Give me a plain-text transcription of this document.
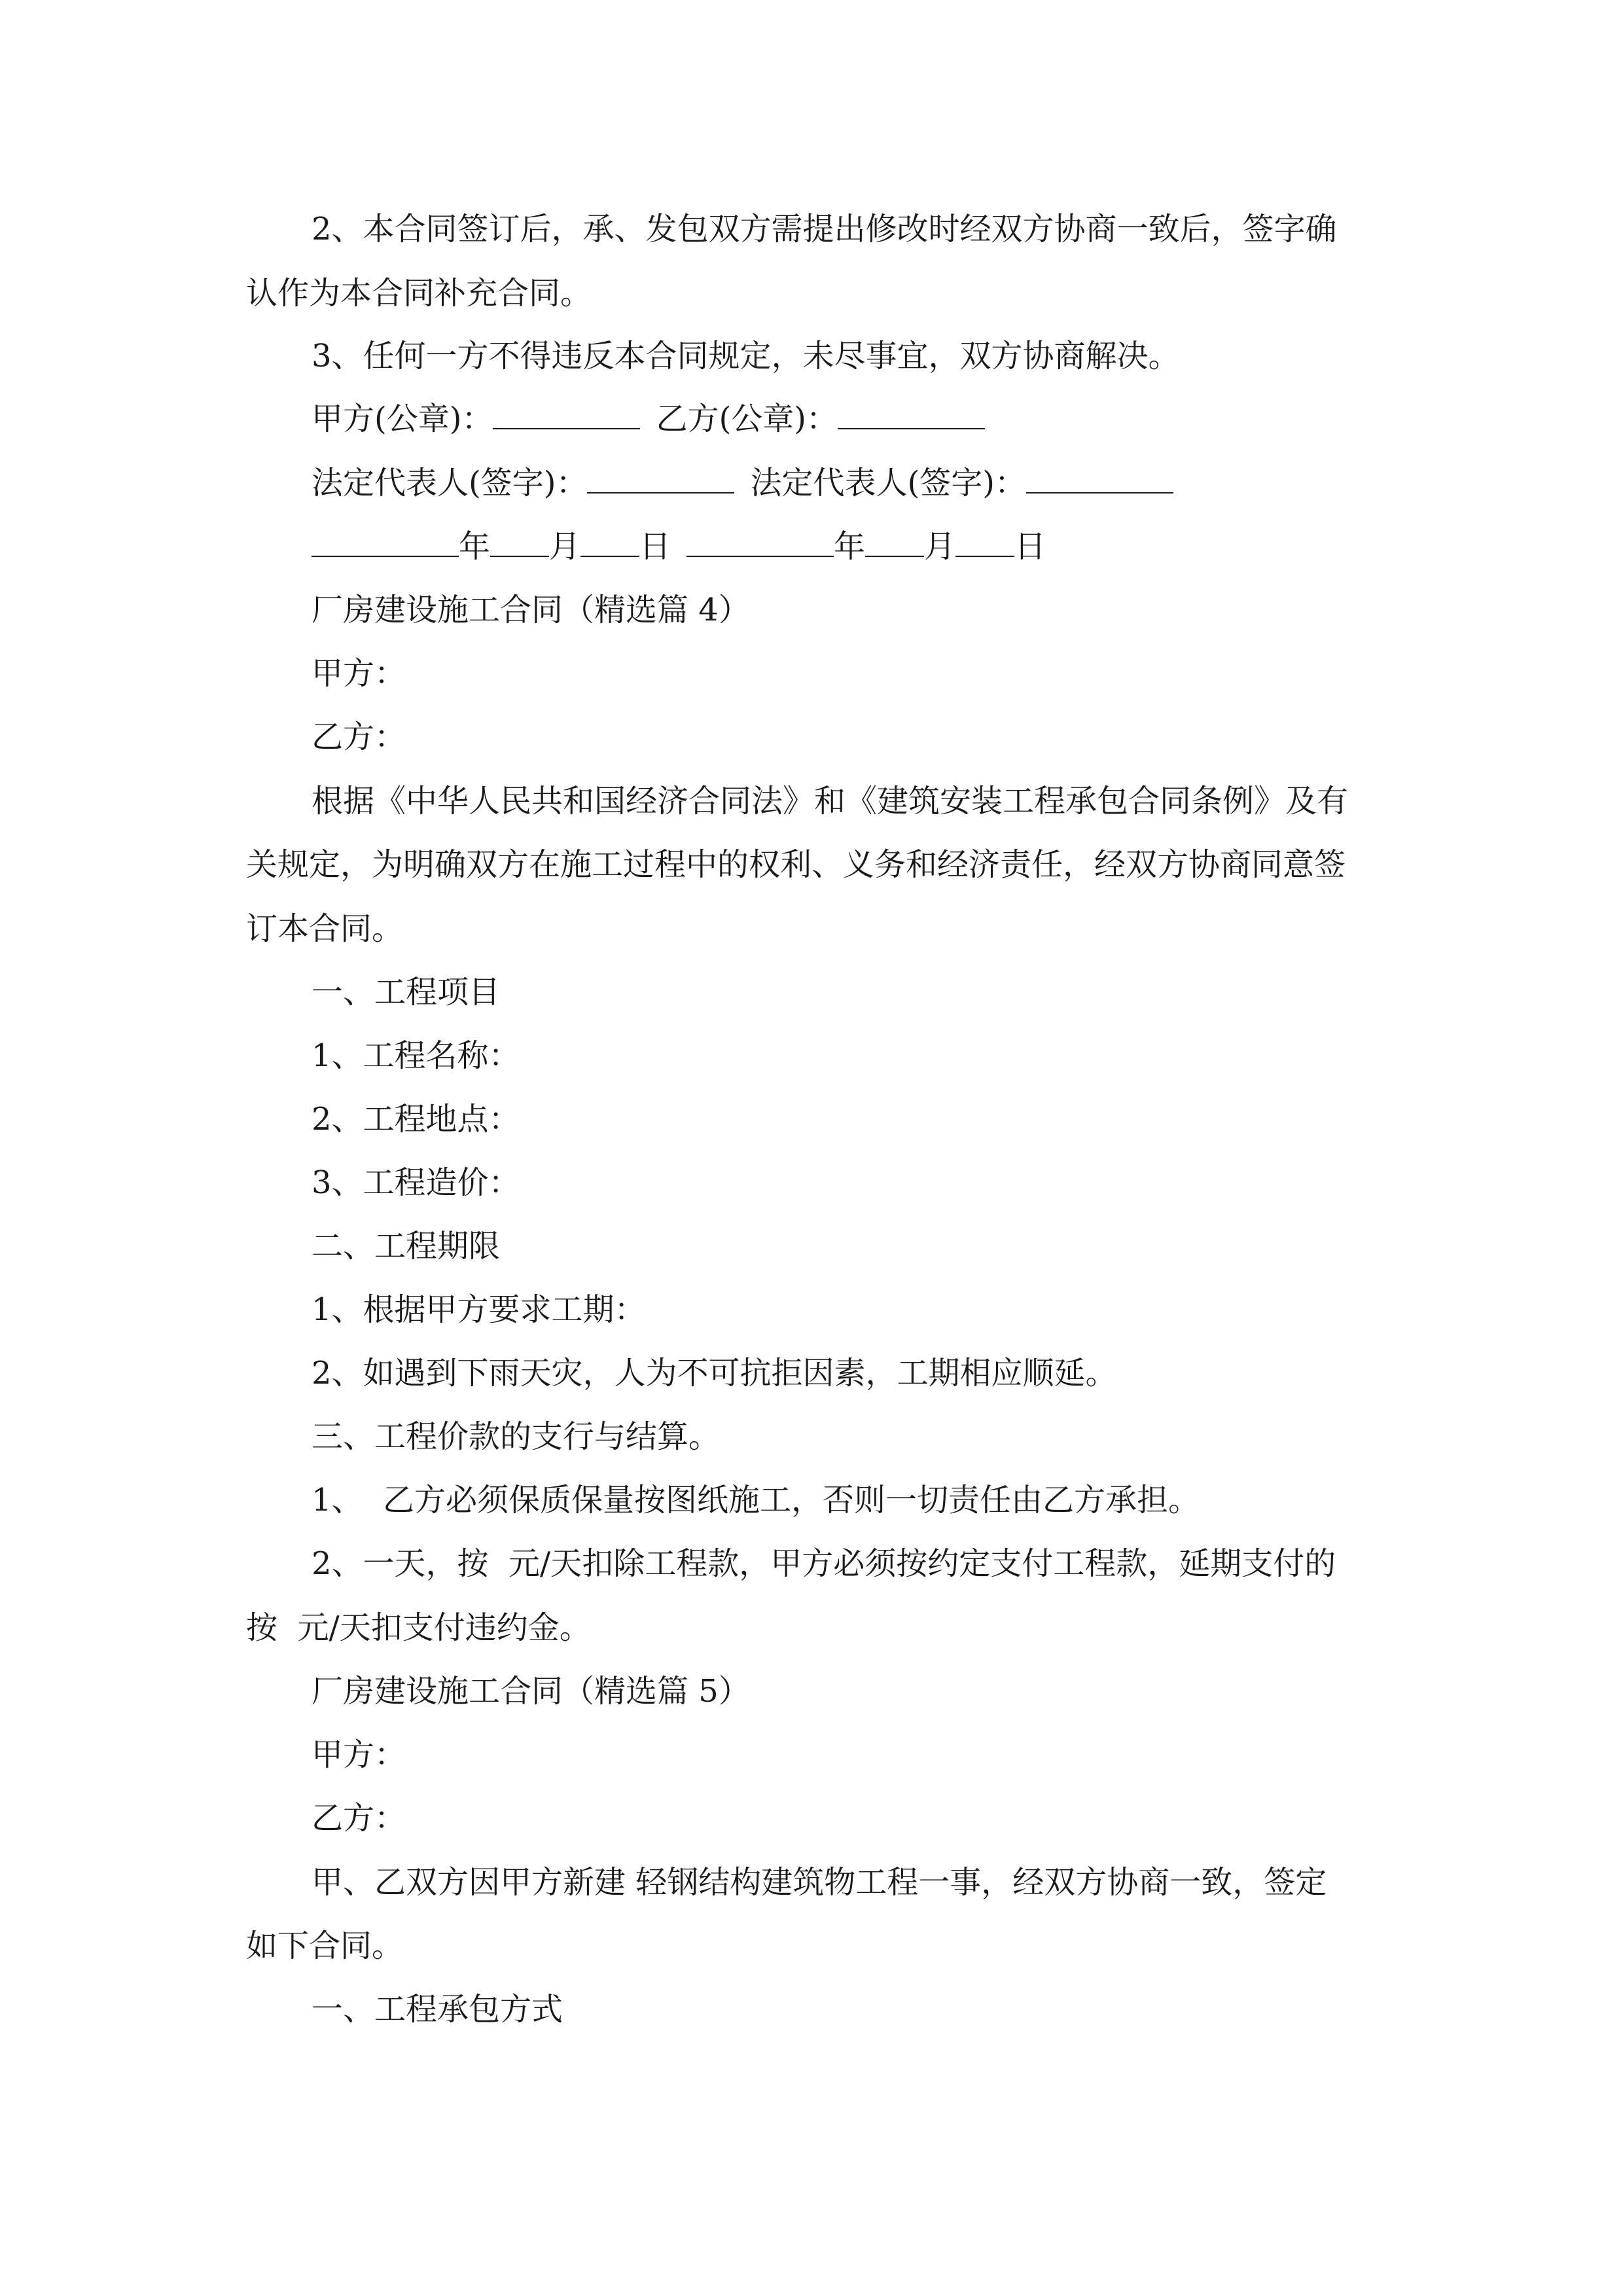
2、本合同签订后，承、发包双方需提出修改时经双方协商一致后，签字确
认作为本合同补充合同。
3、任何一方不得违反本合同规定，未尽事宜，双方协商解决。
甲方(公章)：	乙方(公章)：
法定代表人(签字)：	法定代表人(签字)：
年 月 日	年 月 日
厂房建设施工合同（精选篇 4）
甲方：
乙方：
根据《中华人民共和国经济合同法》和《建筑安装工程承包合同条例》及有
关规定，为明确双方在施工过程中的权利、义务和经济责任，经双方协商同意签
订本合同。
一、工程项目
1、工程名称：
2、工程地点：
3、工程造价：
二、工程期限
1、根据甲方要求工期：
2、如遇到下雨天灾，人为不可抗拒因素，工期相应顺延。
三、工程价款的支行与结算。
1、  乙方必须保质保量按图纸施工，否则一切责任由乙方承担。
2、一天，按  元/天扣除工程款，甲方必须按约定支付工程款，延期支付的
按  元/天扣支付违约金。
厂房建设施工合同（精选篇 5）
甲方：
乙方：
甲、乙双方因甲方新建 轻钢结构建筑物工程一事，经双方协商一致，签定
如下合同。
一、工程承包方式
